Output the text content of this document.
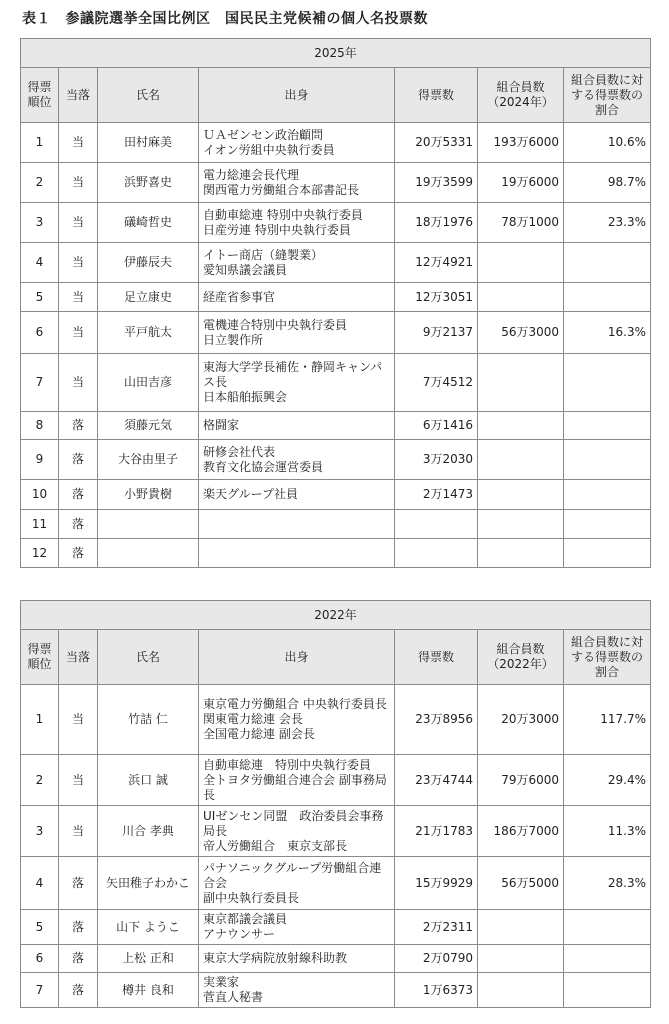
表１　参議院選挙全国比例区　国民民主党候補の個人名投票数
2025年						
得票順位	当落	氏名	出身	得票数	組合員数（2024年）	組合員数に対する得票数の割合
1	当	田村麻美	ＵＡゼンセン政治顧問
イオン労組中央執行委員	20万5331	193万6000	10.6%
2	当	浜野喜史	電力総連会長代理
関西電力労働組合本部書記長	19万3599	19万6000	98.7%
3	当	礒崎哲史	自動車総連 特別中央執行委員
日産労連 特別中央執行委員	18万1976	78万1000	23.3%
4	当	伊藤辰夫	イトー商店（縫製業）
愛知県議会議員	12万4921		
5	当	足立康史	経産省参事官	12万3051		
6	当	平戸航太	電機連合特別中央執行委員
日立製作所	9万2137	56万3000	16.3%
7	当	山田吉彦	東海大学学長補佐・静岡キャンパス長
日本船舶振興会	7万4512		
8	落	須藤元気	格闘家	6万1416		
9	落	大谷由里子	研修会社代表
教育文化協会運営委員	3万2030		
10	落	小野貴樹	楽天グループ社員	2万1473		
11	落					
12	落					
2022年						
得票順位	当落	氏名	出身	得票数	組合員数（2022年）	組合員数に対する得票数の割合
1	当	竹詰 仁	東京電力労働組合 中央執行委員長
関東電力総連 会長
全国電力総連 副会長	23万8956	20万3000	117.7%
2	当	浜口 誠	自動車総連　特別中央執行委員
全トヨタ労働組合連合会 副事務局長	23万4744	79万6000	29.4%
3	当	川合 孝典	UIゼンセン同盟　政治委員会事務局長
帝人労働組合　東京支部長	21万1783	186万7000	11.3%
4	落	矢田稚子わかこ	パナソニックグループ労働組合連合会
副中央執行委員長	15万9929	56万5000	28.3%
5	落	山下 ようこ	東京都議会議員
アナウンサー	2万2311		
6	落	上松 正和	東京大学病院放射線科助教	2万0790		
7	落	樽井 良和	実業家
菅直人秘書	1万6373		
